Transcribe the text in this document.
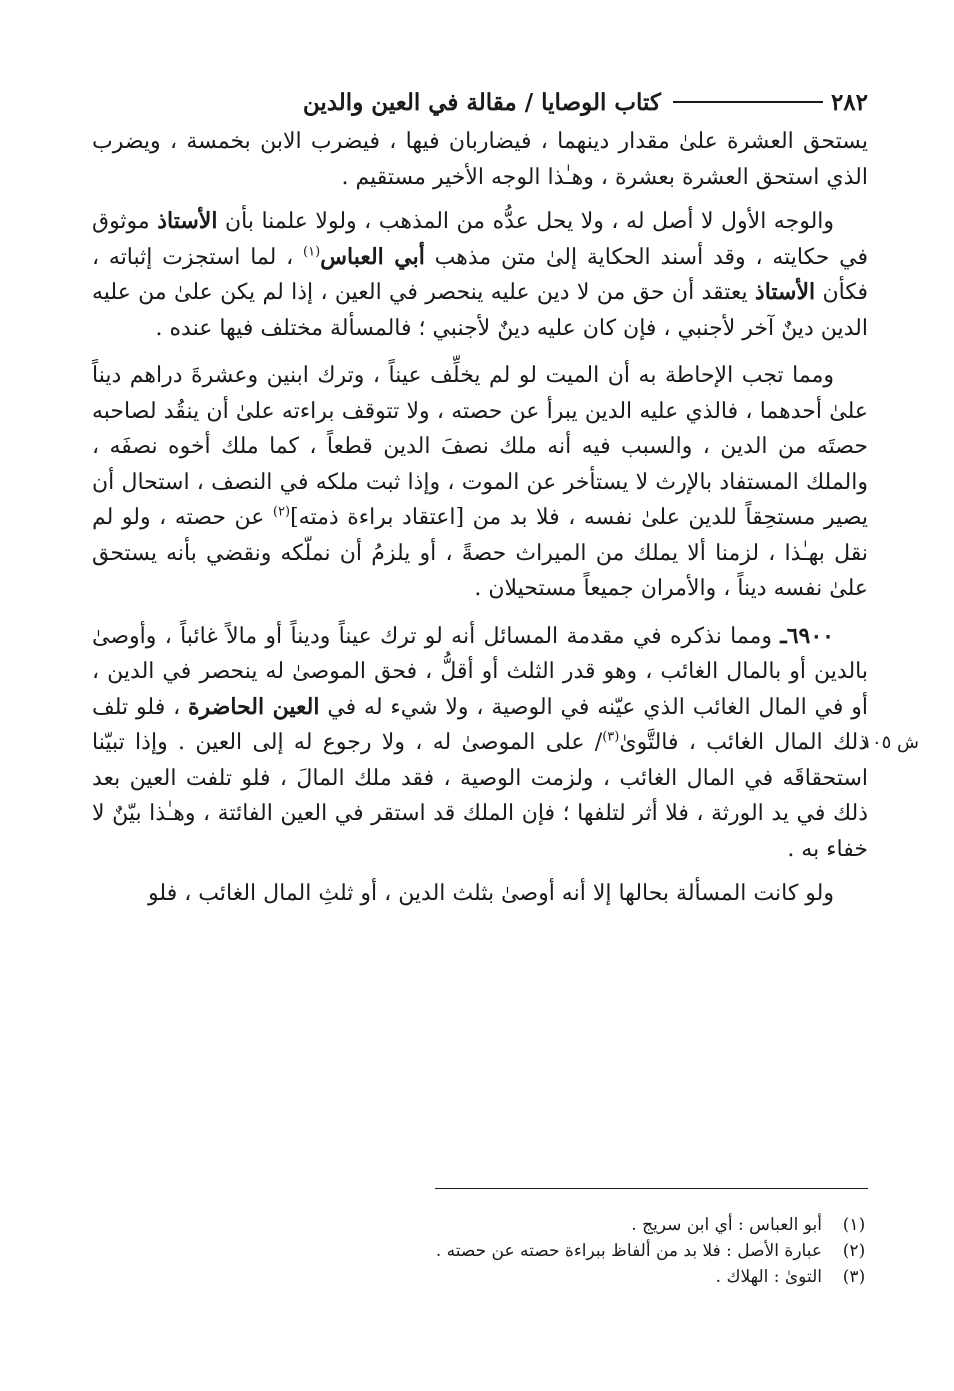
٢٨٢
كتاب الوصايا / مقالة في العين والدين

يستحق العشرة علىٰ مقدار دينهما ، فيضاربان فيها ، فيضرب الابن بخمسة ، ويضرب الذي استحق العشرة بعشرة ، وهـٰذا الوجه الأخير مستقيم .

والوجه الأول لا أصل له ، ولا يحل عدُّه من المذهب ، ولولا علمنا بأن الأستاذ موثوق في حكايته ، وقد أسند الحكاية إلىٰ متن مذهب أبي العباس$^{(١)}$ ، لما استجزت إثباته ، فكأن الأستاذ يعتقد أن حق من لا دين عليه ينحصر في العين ، إذا لم يكن علىٰ من عليه الدين دينٌ آخر لأجنبي ، فإن كان عليه دينٌ لأجنبي ؛ فالمسألة مختلف فيها عنده .

ومما تجب الإحاطة به أن الميت لو لم يخلِّف عيناً ، وترك ابنين وعشرةَ دراهم ديناً علىٰ أحدهما ، فالذي عليه الدين يبرأ عن حصته ، ولا تتوقف براءته علىٰ أن ينقُد لصاحبه حصتَه من الدين ، والسبب فيه أنه ملك نصفَ الدين قطعاً ، كما ملك أخوه نصفَه ، والملك المستفاد بالإرث لا يستأخر عن الموت ، وإذا ثبت ملكه في النصف ، استحال أن يصير مستحِقاً للدين علىٰ نفسه ، فلا بد من [اعتقاد براءة ذمته]$^{(٢)}$ عن حصته ، ولو لم نقل بهـٰذا ، لزمنا ألا يملك من الميراث حصةً ، أو يلزمُ أن نملّكه ونقضي بأنه يستحق علىٰ نفسه ديناً ، والأمران جميعاً مستحيلان .

٦٩٠٠ـ ومما نذكره في مقدمة المسائل أنه لو ترك عيناً وديناً أو مالاً غائباً ، وأوصىٰ بالدين أو بالمال الغائب ، وهو قدر الثلث أو أقلُّ ، فحق الموصىٰ له ينحصر في الدين ، أو في المال الغائب الذي عيّنه في الوصية ، ولا شيء له في العين الحاضرة ، فلو تلف ذلك المال الغائب ، فالتَّوىٰ$^{(٣)}$/ على الموصىٰ له ، ولا رجوع له إلى العين . وإذا تبيّنا استحقاقَه في المال الغائب ، ولزمت الوصية ، فقد ملك المالَ ، فلو تلفت العين بعد ذلك في يد الورثة ، فلا أثر لتلفها ؛ فإن الملك قد استقر في العين الفائتة ، وهـٰذا بيّنٌ لا خفاء به .
ش ١٠٥

ولو كانت المسألة بحالها إلا أنه أوصىٰ بثلث الدين ، أو ثلثِ المال الغائب ، فلو

(١)
أبو العباس : أي ابن سريج .
(٢)
عبارة الأصل : فلا بد من ألفاظ ببراءة حصته عن حصته .
(٣)
التوىٰ : الهلاك .
